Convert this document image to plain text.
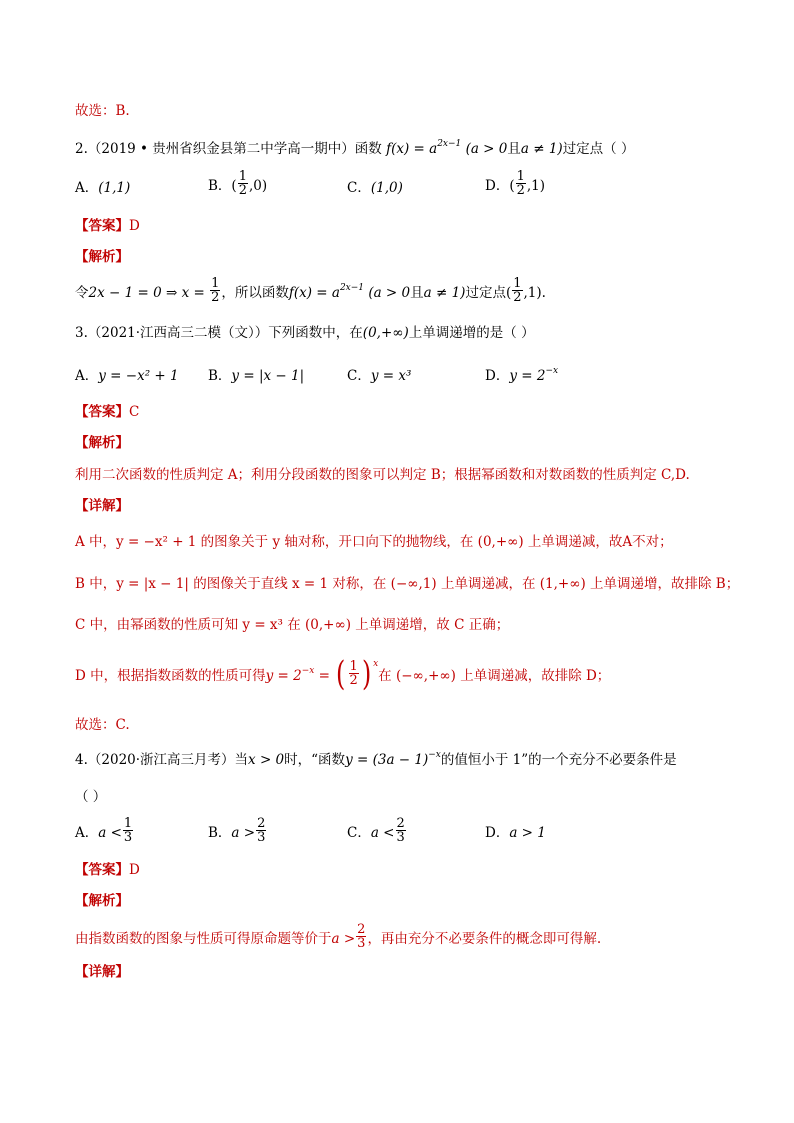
故选：B.
2.（2019 • 贵州省织金县第二中学高一期中）函数 $f(x) = a^{2x-1}$ (a > 0且a ≠ 1)过定点（ ）
A．(1,1)	B．( $\frac{1}{2} ,0$)	C．(1,0)	D．( $\frac{1}{2} ,1$)
【答案】D
【解析】
令2x − 1 = 0 ⇒ $x = \frac{1}{2}$ ，所以函数$f(x) = a^{2x-1}$ (a > 0且a ≠ 1)过定点( $\frac{1}{2} ,1$).
3.（2021·江西高三二模（文））下列函数中，在(0,+∞)上单调递增的是（ ）
A．y = −x² + 1 B．y = |x − 1|	C．y = x³	D．$y = 2^{-x}$
【答案】C
【解析】
利用二次函数的性质判定 A；利用分段函数的图象可以判定 B；根据幂函数和对数函数的性质判定 C,D.
【详解】
A 中，y = −x² + 1 的图象关于 y 轴对称，开口向下的抛物线，在 (0,+∞) 上单调递减，故A不对；
B 中，y = |x − 1| 的图像关于直线 x = 1 对称，在 (−∞,1) 上单调递减，在 (1,+∞) 上单调递增，故排除 B；
C 中，由幂函数的性质可知 y = x³ 在 (0,+∞) 上单调递增，故 C 正确；
D 中，根据指数函数的性质可得$y = 2^{-x}$ = ( $\frac{1}{2}$ ) $^x$在 (−∞,+∞) 上单调递减，故排除 D；
故选：C.
4.（2020·浙江高三月考）当x > 0时，“函数$y = (3a - 1)^{-x}$的值恒小于 1”的一个充分不必要条件是
（ ）
A．$a < \frac{1}{3}$	B．$a > \frac{2}{3}$	C．$a < \frac{2}{3}$	D．a > 1
【答案】D
【解析】
由指数函数的图象与性质可得原命题等价于$a > \frac{2}{3}$ ，再由充分不必要条件的概念即可得解.
【详解】
